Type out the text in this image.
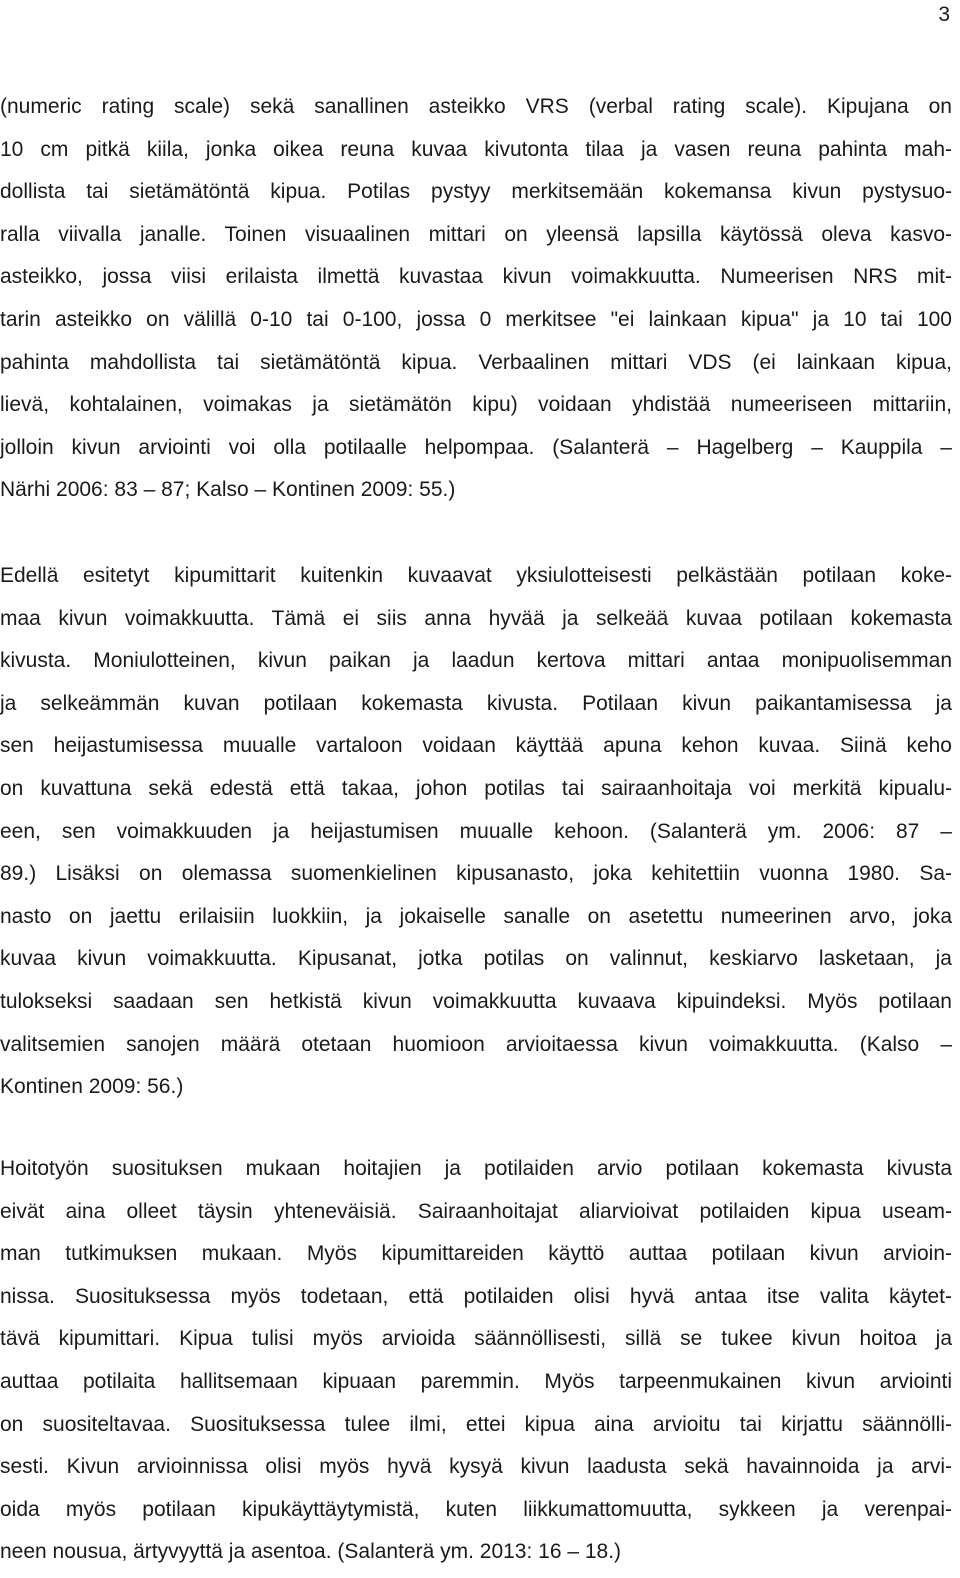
3
(numeric rating scale) sekä sanallinen asteikko VRS (verbal rating scale). Kipujana on
10 cm pitkä kiila, jonka oikea reuna kuvaa kivutonta tilaa ja vasen reuna pahinta mah-
dollista tai sietämätöntä kipua. Potilas pystyy merkitsemään kokemansa kivun pystysuo-
ralla viivalla janalle. Toinen visuaalinen mittari on yleensä lapsilla käytössä oleva kasvo-
asteikko, jossa viisi erilaista ilmettä kuvastaa kivun voimakkuutta. Numeerisen NRS mit-
tarin asteikko on välillä 0-10 tai 0-100, jossa 0 merkitsee "ei lainkaan kipua" ja 10 tai 100
pahinta mahdollista tai sietämätöntä kipua. Verbaalinen mittari VDS (ei lainkaan kipua,
lievä, kohtalainen, voimakas ja sietämätön kipu) voidaan yhdistää numeeriseen mittariin,
jolloin kivun arviointi voi olla potilaalle helpompaa. (Salanterä – Hagelberg – Kauppila –
Närhi 2006: 83 – 87; Kalso – Kontinen 2009: 55.)
Edellä esitetyt kipumittarit kuitenkin kuvaavat yksiulotteisesti pelkästään potilaan koke-
maa kivun voimakkuutta. Tämä ei siis anna hyvää ja selkeää kuvaa potilaan kokemasta
kivusta. Moniulotteinen, kivun paikan ja laadun kertova mittari antaa monipuolisemman
ja selkeämmän kuvan potilaan kokemasta kivusta. Potilaan kivun paikantamisessa ja
sen heijastumisessa muualle vartaloon voidaan käyttää apuna kehon kuvaa. Siinä keho
on kuvattuna sekä edestä että takaa, johon potilas tai sairaanhoitaja voi merkitä kipualu-
een, sen voimakkuuden ja heijastumisen muualle kehoon. (Salanterä ym. 2006: 87 –
89.) Lisäksi on olemassa suomenkielinen kipusanasto, joka kehitettiin vuonna 1980. Sa-
nasto on jaettu erilaisiin luokkiin, ja jokaiselle sanalle on asetettu numeerinen arvo, joka
kuvaa kivun voimakkuutta. Kipusanat, jotka potilas on valinnut, keskiarvo lasketaan, ja
tulokseksi saadaan sen hetkistä kivun voimakkuutta kuvaava kipuindeksi. Myös potilaan
valitsemien sanojen määrä otetaan huomioon arvioitaessa kivun voimakkuutta. (Kalso –
Kontinen 2009: 56.)
Hoitotyön suosituksen mukaan hoitajien ja potilaiden arvio potilaan kokemasta kivusta
eivät aina olleet täysin yhteneväisiä. Sairaanhoitajat aliarvioivat potilaiden kipua useam-
man tutkimuksen mukaan. Myös kipumittareiden käyttö auttaa potilaan kivun arvioin-
nissa. Suosituksessa myös todetaan, että potilaiden olisi hyvä antaa itse valita käytet-
tävä kipumittari. Kipua tulisi myös arvioida säännöllisesti, sillä se tukee kivun hoitoa ja
auttaa potilaita hallitsemaan kipuaan paremmin. Myös tarpeenmukainen kivun arviointi
on suositeltavaa. Suosituksessa tulee ilmi, ettei kipua aina arvioitu tai kirjattu säännölli-
sesti. Kivun arvioinnissa olisi myös hyvä kysyä kivun laadusta sekä havainnoida ja arvi-
oida myös potilaan kipukäyttäytymistä, kuten liikkumattomuutta, sykkeen ja verenpai-
neen nousua, ärtyvyyttä ja asentoa. (Salanterä ym. 2013: 16 – 18.)
